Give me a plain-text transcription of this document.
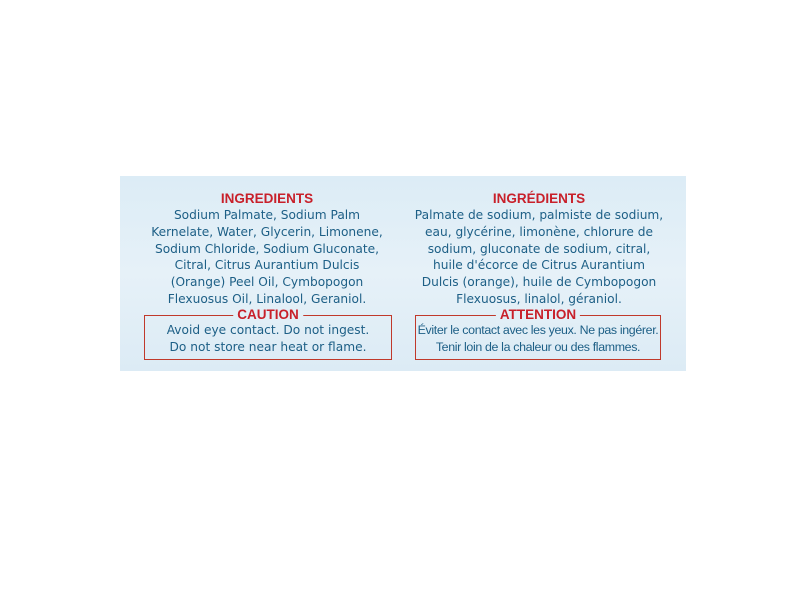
INGREDIENTS

Sodium Palmate, Sodium Palm
Kernelate, Water, Glycerin, Limonene,
Sodium Chloride, Sodium Gluconate,
Citral, Citrus Aurantium Dulcis
(Orange) Peel Oil, Cymbopogon
Flexuosus Oil, Linalool, Geraniol.

INGRÉDIENTS

Palmate de sodium, palmiste de sodium,
eau, glycérine, limonène, chlorure de
sodium, gluconate de sodium, citral,
huile d'écorce de Citrus Aurantium
Dulcis (orange), huile de Cymbopogon
Flexuosus, linalol, géraniol.

CAUTION
Avoid eye contact. Do not ingest.
Do not store near heat or flame.
ATTENTION
Éviter le contact avec les yeux. Ne pas ingérer.
Tenir loin de la chaleur ou des flammes.
